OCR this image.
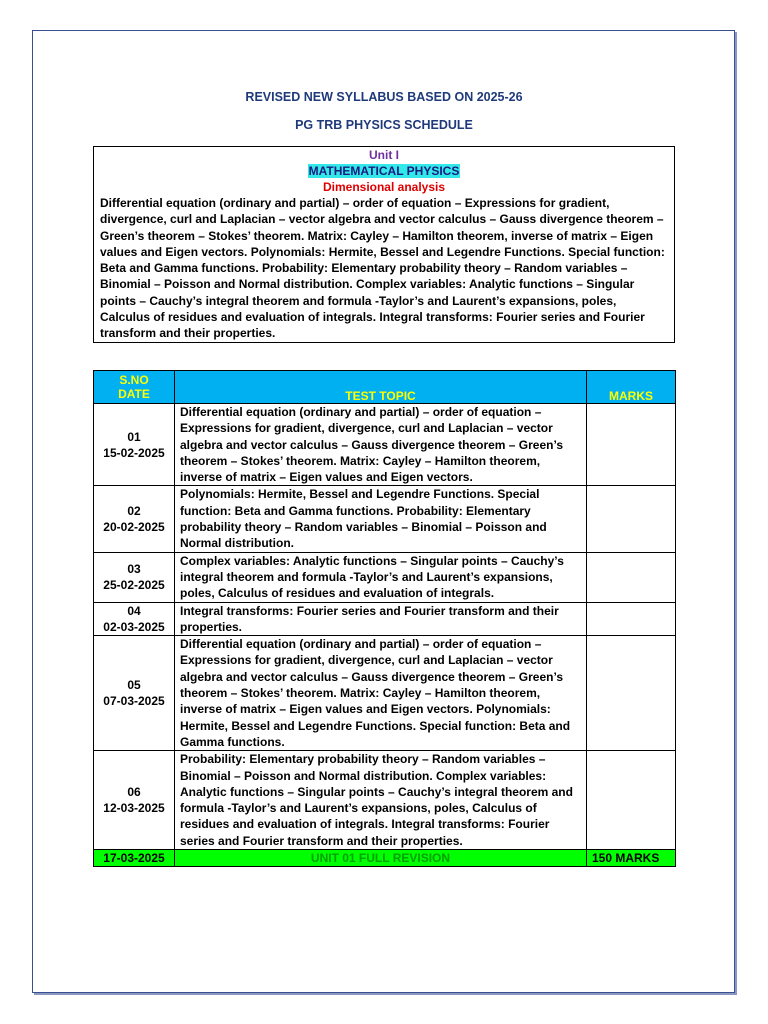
REVISED NEW SYLLABUS BASED ON 2025-26
PG TRB PHYSICS SCHEDULE
Unit I
MATHEMATICAL PHYSICS
Dimensional analysis
Differential equation (ordinary and partial) – order of equation – Expressions for gradient, divergence, curl and Laplacian – vector algebra and vector calculus – Gauss divergence theorem – Green’s theorem – Stokes’ theorem. Matrix: Cayley – Hamilton theorem, inverse of matrix – Eigen values and Eigen vectors. Polynomials: Hermite, Bessel and Legendre Functions. Special function: Beta and Gamma functions. Probability: Elementary probability theory – Random variables – Binomial – Poisson and Normal distribution. Complex variables: Analytic functions – Singular points – Cauchy’s integral theorem and formula -Taylor’s and Laurent’s expansions, poles, Calculus of residues and evaluation of integrals. Integral transforms: Fourier series and Fourier transform and their properties.
S.NO
DATE	TEST TOPIC	MARKS

01
15-02-2025	Differential equation (ordinary and partial) – order of equation – Expressions for gradient, divergence, curl and Laplacian – vector algebra and vector calculus – Gauss divergence theorem – Green’s theorem – Stokes’ theorem. Matrix: Cayley – Hamilton theorem, inverse of matrix – Eigen values and Eigen vectors.	

02
20-02-2025	Polynomials: Hermite, Bessel and Legendre Functions. Special function: Beta and Gamma functions. Probability: Elementary probability theory – Random variables – Binomial – Poisson and Normal distribution.	

03
25-02-2025	Complex variables: Analytic functions – Singular points – Cauchy’s integral theorem and formula -Taylor’s and Laurent’s expansions, poles, Calculus of residues and evaluation of integrals.	

04
02-03-2025	Integral transforms: Fourier series and Fourier transform and their properties.	

05
07-03-2025	Differential equation (ordinary and partial) – order of equation – Expressions for gradient, divergence, curl and Laplacian – vector algebra and vector calculus – Gauss divergence theorem – Green’s theorem – Stokes’ theorem. Matrix: Cayley – Hamilton theorem, inverse of matrix – Eigen values and Eigen vectors. Polynomials: Hermite, Bessel and Legendre Functions. Special function: Beta and Gamma functions.	

06
12-03-2025	Probability: Elementary probability theory – Random variables – Binomial – Poisson and Normal distribution. Complex variables: Analytic functions – Singular points – Cauchy’s integral theorem and formula -Taylor’s and Laurent’s expansions, poles, Calculus of residues and evaluation of integrals. Integral transforms: Fourier series and Fourier transform and their properties.	
17-03-2025	UNIT 01 FULL REVISION	150 MARKS
